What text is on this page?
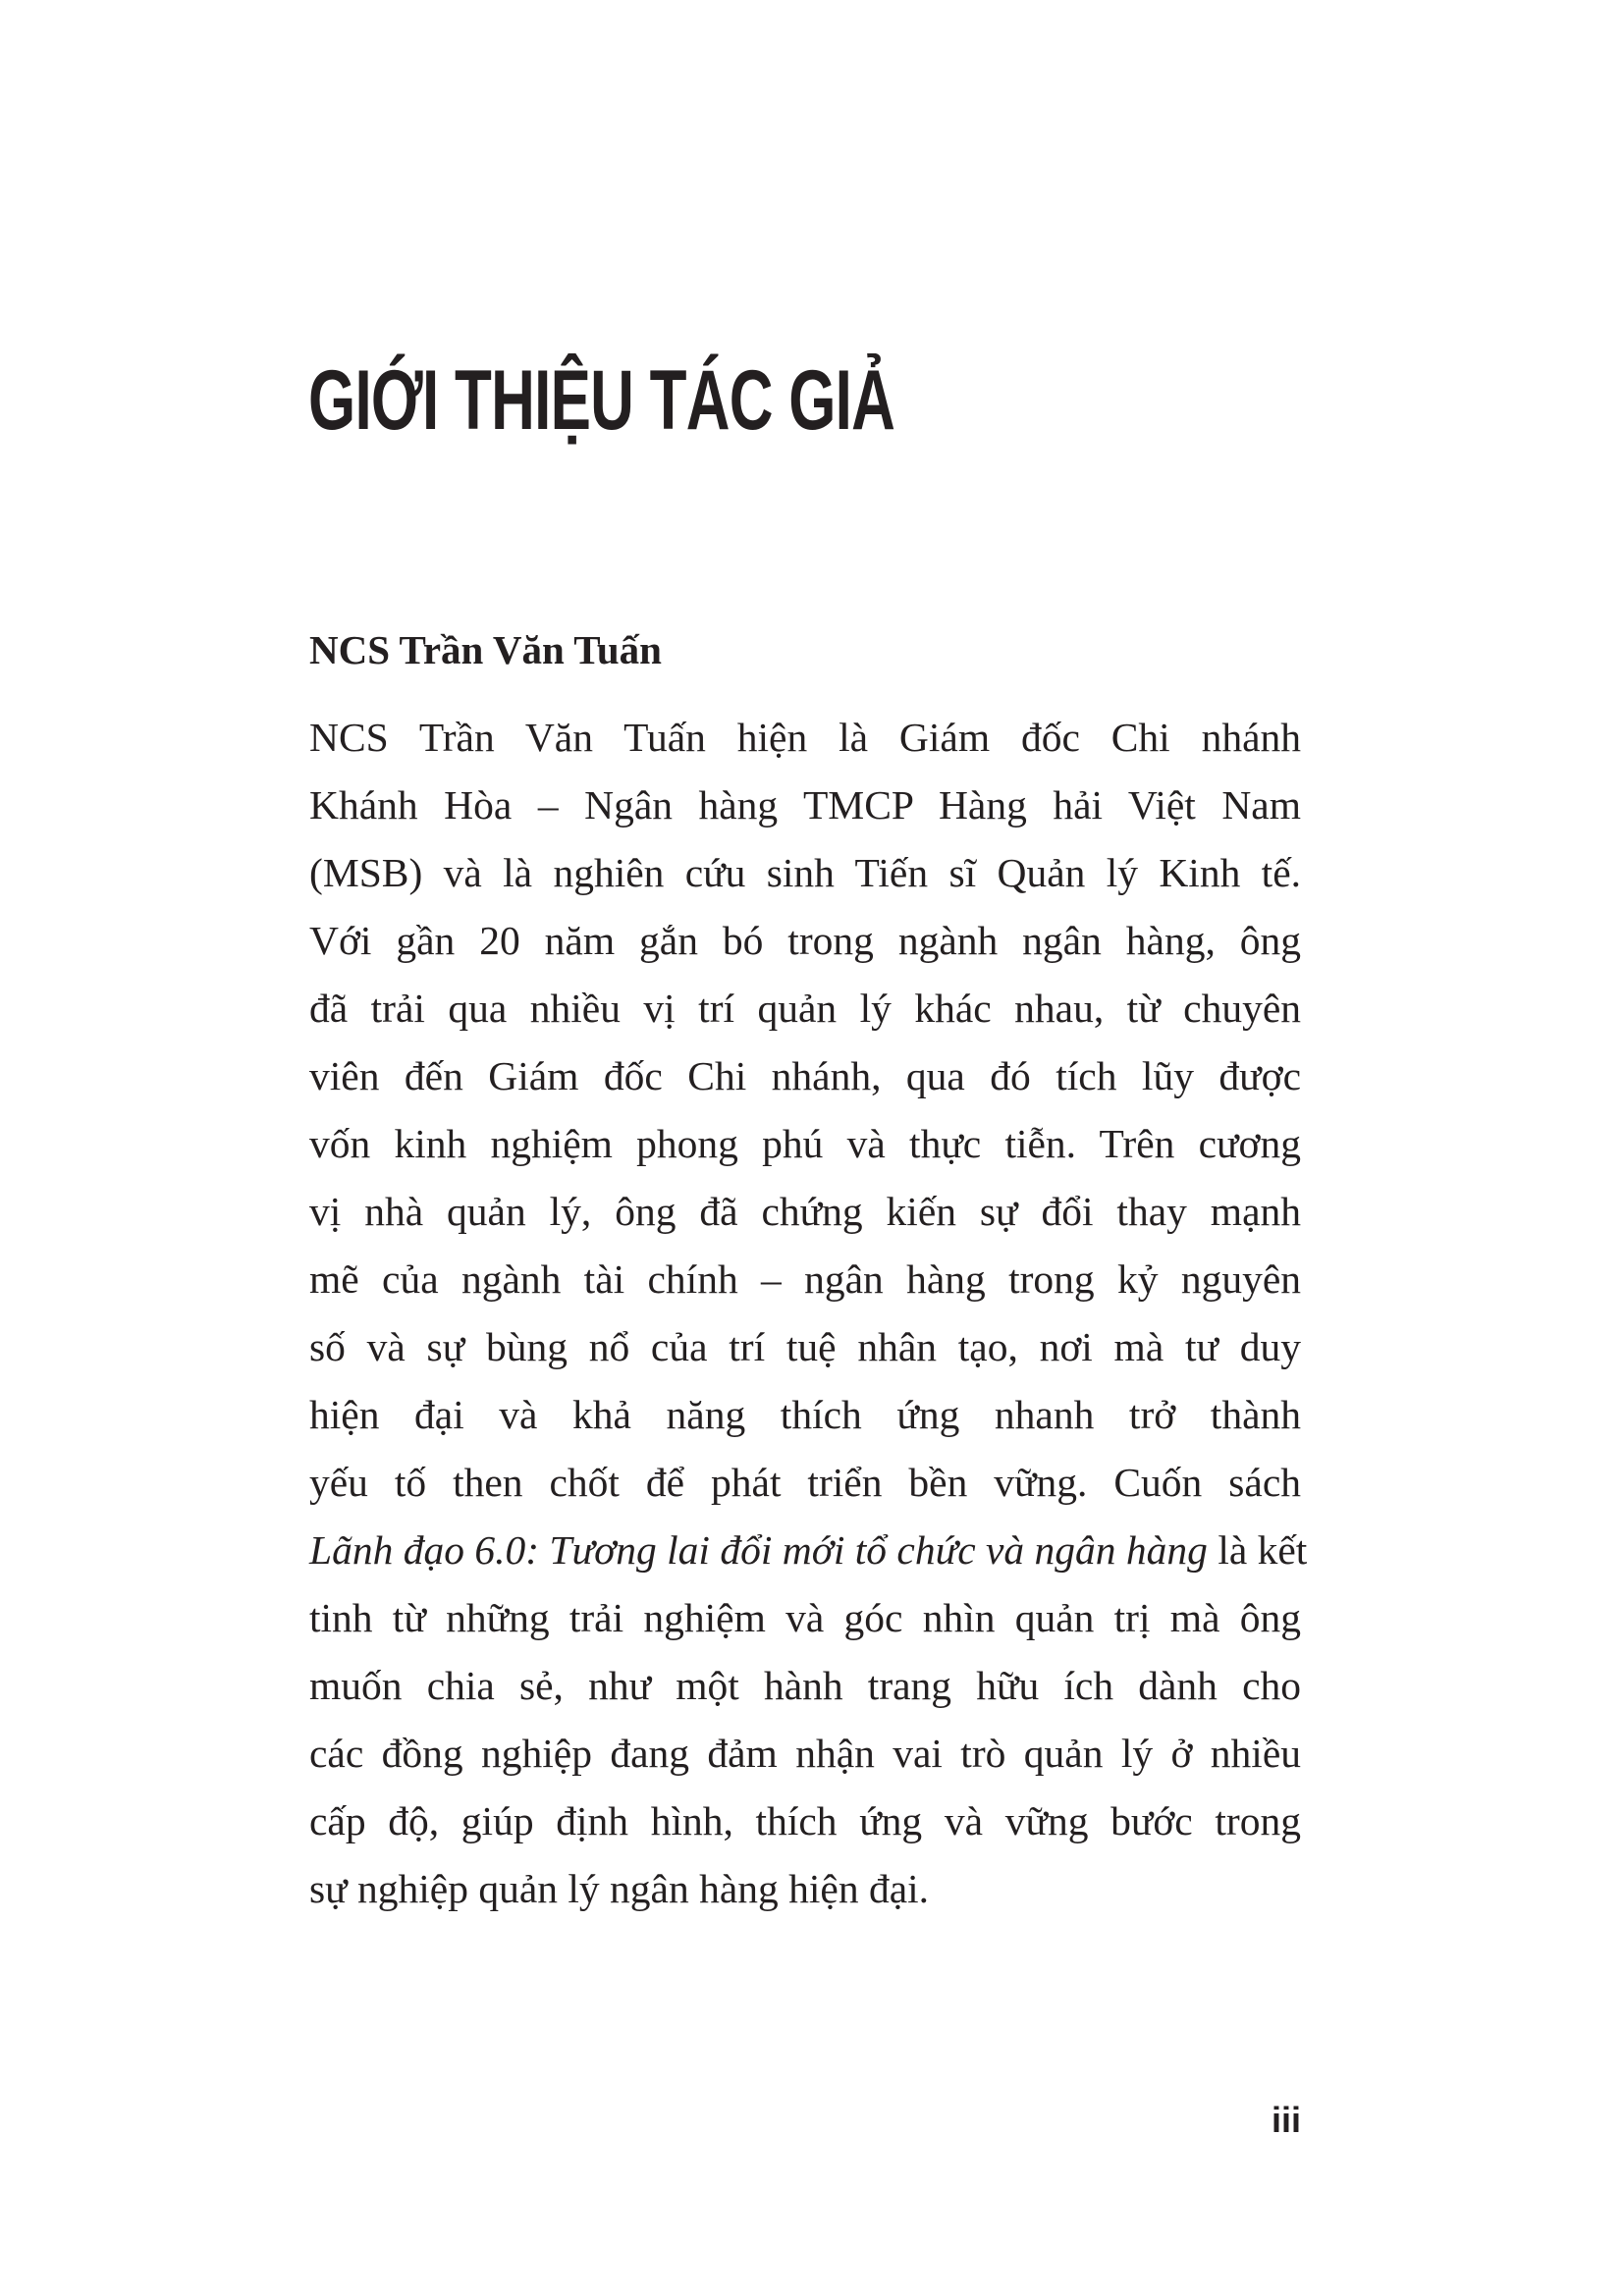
GIỚI THIỆU TÁC GIẢ
NCS Trần Văn Tuấn
NCS Trần Văn Tuấn hiện là Giám đốc Chi nhánh
Khánh Hòa – Ngân hàng TMCP Hàng hải Việt Nam
(MSB) và là nghiên cứu sinh Tiến sĩ Quản lý Kinh tế.
Với gần 20 năm gắn bó trong ngành ngân hàng, ông
đã trải qua nhiều vị trí quản lý khác nhau, từ chuyên
viên đến Giám đốc Chi nhánh, qua đó tích lũy được
vốn kinh nghiệm phong phú và thực tiễn. Trên cương
vị nhà quản lý, ông đã chứng kiến sự đổi thay mạnh
mẽ của ngành tài chính – ngân hàng trong kỷ nguyên
số và sự bùng nổ của trí tuệ nhân tạo, nơi mà tư duy
hiện đại và khả năng thích ứng nhanh trở thành
yếu tố then chốt để phát triển bền vững. Cuốn sách
Lãnh đạo 6.0: Tương lai đổi mới tổ chức và ngân hàng là kết
tinh từ những trải nghiệm và góc nhìn quản trị mà ông
muốn chia sẻ, như một hành trang hữu ích dành cho
các đồng nghiệp đang đảm nhận vai trò quản lý ở nhiều
cấp độ, giúp định hình, thích ứng và vững bước trong
sự nghiệp quản lý ngân hàng hiện đại.

iii
